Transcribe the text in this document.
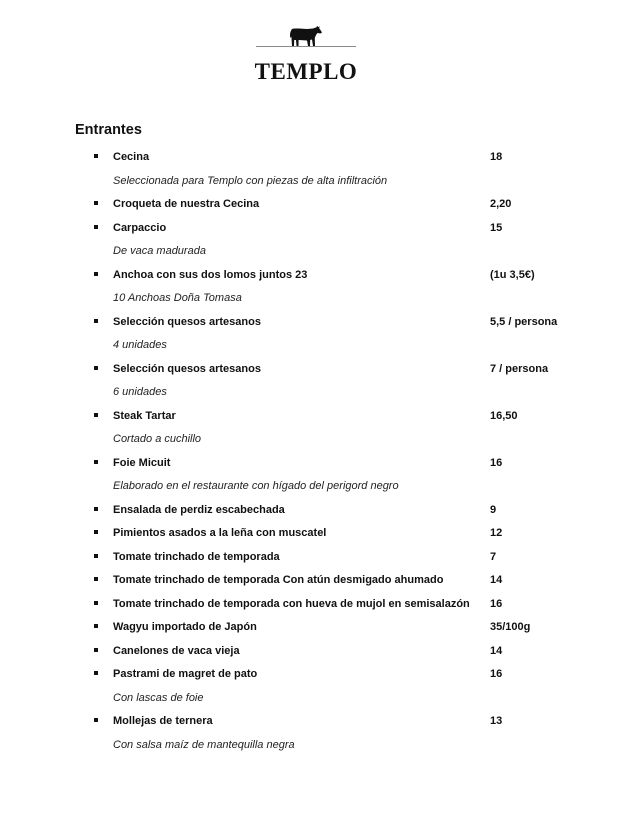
TEMPLO
Entrantes
Cecina	18
Seleccionada para Templo con piezas de alta infiltración
Croqueta de nuestra Cecina	2,20
Carpaccio	15
De vaca madurada
Anchoa con sus dos lomos juntos 23	(1u 3,5€)
10 Anchoas Doña Tomasa
Selección quesos artesanos	5,5 / persona
4 unidades
Selección quesos artesanos	7 / persona
6 unidades
Steak Tartar	16,50
Cortado a cuchillo
Foie Micuit	16
Elaborado en el restaurante con hígado del perigord negro
Ensalada de perdiz escabechada	9
Pimientos asados a la leña con muscatel	12
Tomate trinchado de temporada	7
Tomate trinchado de temporada Con atún desmigado ahumado	14
Tomate trinchado de temporada con hueva de mujol en semisalazón 16
Wagyu importado de Japón	35/100g
Canelones de vaca vieja	14
Pastrami de magret de pato	16
Con lascas de foie
Mollejas de ternera	13
Con salsa maíz de mantequilla negra
